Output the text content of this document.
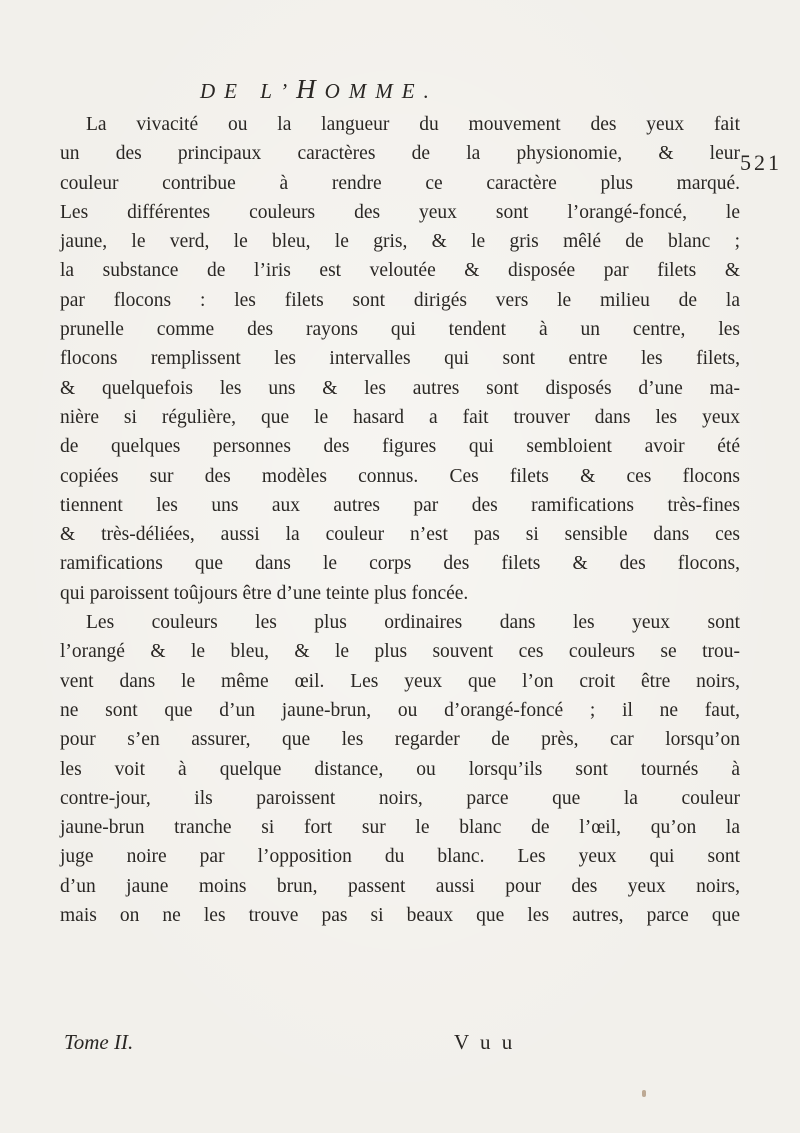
DE L’HOMME.
521
La vivacité ou la langueur du mouvement des yeux fait
un des principaux caractères de la physionomie, & leur
couleur contribue à rendre ce caractère plus marqué.
Les différentes couleurs des yeux sont l’orangé-foncé, le
jaune, le verd, le bleu, le gris, & le gris mêlé de blanc ;
la substance de l’iris est veloutée & disposée par filets &
par flocons : les filets sont dirigés vers le milieu de la
prunelle comme des rayons qui tendent à un centre, les
flocons remplissent les intervalles qui sont entre les filets,
& quelquefois les uns & les autres sont disposés d’une ma-
nière si régulière, que le hasard a fait trouver dans les yeux
de quelques personnes des figures qui sembloient avoir été
copiées sur des modèles connus. Ces filets & ces flocons
tiennent les uns aux autres par des ramifications très-fines
& très-déliées, aussi la couleur n’est pas si sensible dans ces
ramifications que dans le corps des filets & des flocons,
qui paroissent toûjours être d’une teinte plus foncée.
Les couleurs les plus ordinaires dans les yeux sont
l’orangé & le bleu, & le plus souvent ces couleurs se trou-
vent dans le même œil. Les yeux que l’on croit être noirs,
ne sont que d’un jaune-brun, ou d’orangé-foncé ; il ne faut,
pour s’en assurer, que les regarder de près, car lorsqu’on
les voit à quelque distance, ou lorsqu’ils sont tournés à
contre-jour, ils paroissent noirs, parce que la couleur
jaune-brun tranche si fort sur le blanc de l’œil, qu’on la
juge noire par l’opposition du blanc. Les yeux qui sont
d’un jaune moins brun, passent aussi pour des yeux noirs,
mais on ne les trouve pas si beaux que les autres, parce que
Tome II.	V u u
